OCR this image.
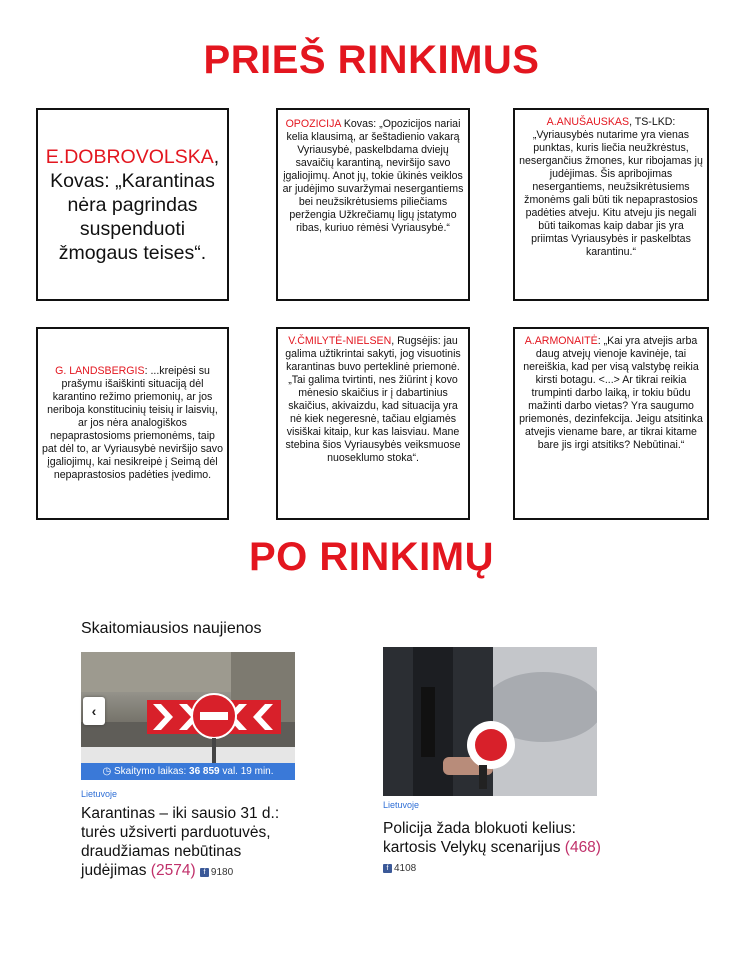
PRIEŠ RINKIMUS
E.DOBROVOLSKA, Kovas: „Karantinas nėra pagrindas suspenduoti žmogaus teises“.
OPOZICIJA Kovas: „Opozicijos nariai kelia klausimą, ar šeštadienio vakarą Vyriausybė, paskelbdama dviejų savaičių karantiną, neviršijo savo įgaliojimų. Anot jų, tokie ūkinės veiklos ar judėjimo suvaržymai nesergantiems bei neužsikrėtusiems piliečiams peržengia Užkrečiamų ligų įstatymo ribas, kuriuo rėmėsi Vyriausybė.“
A.ANUŠAUSKAS, TS-LKD: „Vyriausybės nutarime yra vienas punktas, kuris liečia neužkrėstus, nesergančius žmones, kur ribojamas jų judėjimas. Šis apribojimas nesergantiems, neužsikrėtusiems žmonėms gali būti tik nepaprastosios padėties atveju. Kitu atveju jis negali būti taikomas kaip dabar jis yra priimtas Vyriausybės ir paskelbtas karantinu.“
G. LANDSBERGIS: ...kreipėsi su prašymu išaiškinti situaciją dėl karantino režimo priemonių, ar jos neriboja konstitucinių teisių ir laisvių, ar jos nėra analogiškos nepaprastosioms priemonėms, taip pat dėl to, ar Vyriausybė neviršijo savo įgaliojimų, kai nesikreipė į Seimą dėl nepaprastosios padėties įvedimo.
V.ČMILYTĖ-NIELSEN, Rugsėjis: jau galima užtikrintai sakyti, jog visuotinis karantinas buvo perteklinė priemonė. „Tai galima tvirtinti, nes žiūrint į kovo mėnesio skaičius ir į dabartinius skaičius, akivaizdu, kad situacija yra nė kiek negeresnė, tačiau elgiamės visiškai kitaip, kur kas laisviau. Mane stebina šios Vyriausybės veiksmuose nuoseklumo stoka“.
A.ARMONAITĖ: „Kai yra atvejis arba daug atvejų vienoje kavinėje, tai nereiškia, kad per visą valstybę reikia kirsti botagu. <...> Ar tikrai reikia trumpinti darbo laiką, ir tokiu būdu mažinti darbo vietas? Yra saugumo priemonės, dezinfekcija. Jeigu atsitinka atvejis viename bare, ar tikrai kitame bare jis irgi atsitiks? Nebūtinai.“
PO RINKIMŲ
Skaitomiausios naujienos
◷ Skaitymo laikas: 36 859 val. 19 min.
‹
Lietuvoje
Karantinas – iki sausio 31 d.: turės užsiverti parduotuvės, draudžiamas nebūtinas judėjimas (2574) f 9180
Lietuvoje
Policija žada blokuoti kelius: kartosis Velykų scenarijus (468) f 4108
